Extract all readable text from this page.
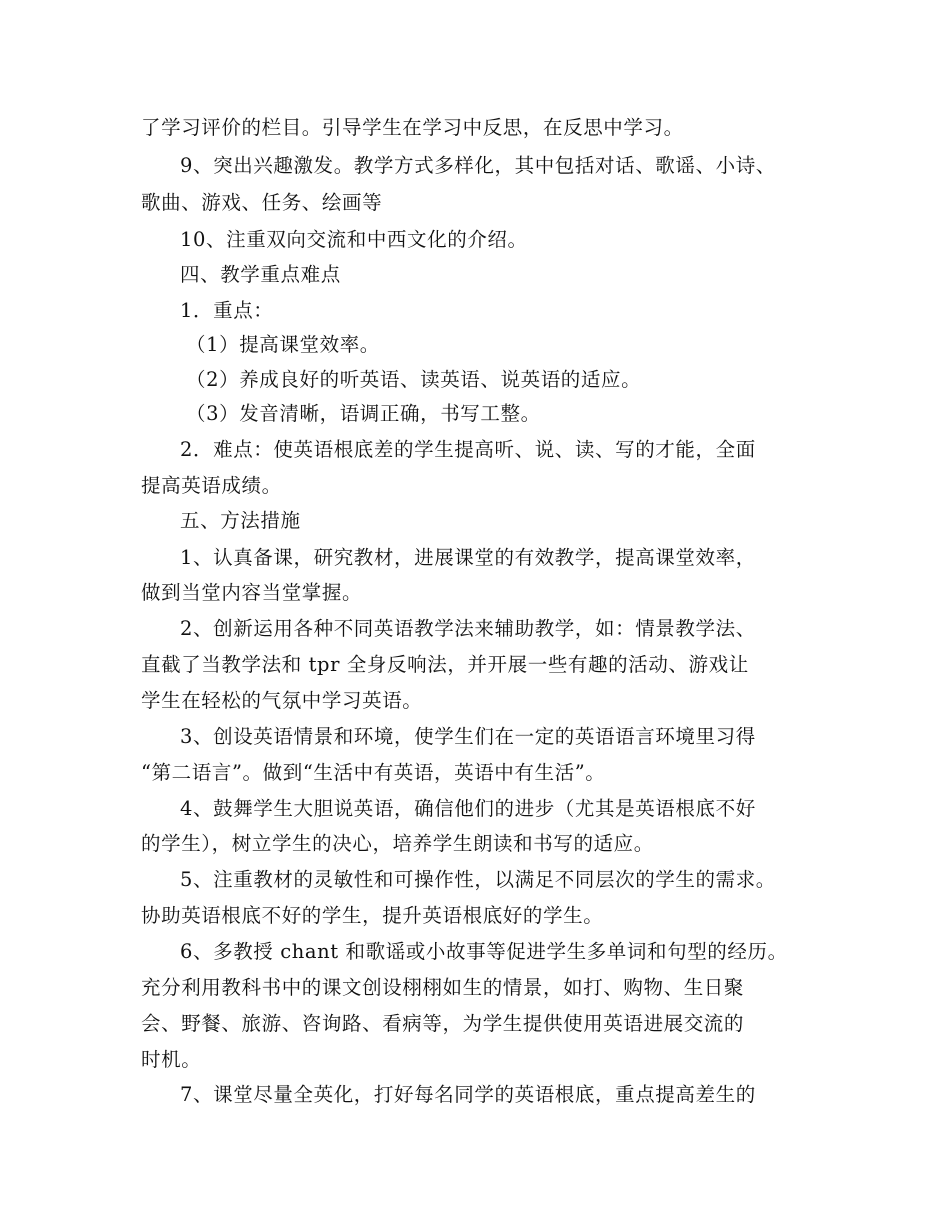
了学习评价的栏目。引导学生在学习中反思，在反思中学习。
9、突出兴趣激发。教学方式多样化，其中包括对话、歌谣、小诗、
歌曲、游戏、任务、绘画等
10、注重双向交流和中西文化的介绍。
四、教学重点难点
1．重点：
（1）提高课堂效率。
（2）养成良好的听英语、读英语、说英语的适应。
（3）发音清晰，语调正确，书写工整。
2．难点：使英语根底差的学生提高听、说、读、写的才能，全面
提高英语成绩。
五、方法措施
1、认真备课，研究教材，进展课堂的有效教学，提高课堂效率，
做到当堂内容当堂掌握。
2、创新运用各种不同英语教学法来辅助教学，如：情景教学法、
直截了当教学法和 tpr 全身反响法，并开展一些有趣的活动、游戏让
学生在轻松的气氛中学习英语。
3、创设英语情景和环境，使学生们在一定的英语语言环境里习得
“第二语言”。做到“生活中有英语，英语中有生活”。
4、鼓舞学生大胆说英语，确信他们的进步（尤其是英语根底不好
的学生），树立学生的决心，培养学生朗读和书写的适应。
5、注重教材的灵敏性和可操作性，以满足不同层次的学生的需求。
协助英语根底不好的学生，提升英语根底好的学生。
6、多教授 chant 和歌谣或小故事等促进学生多单词和句型的经历。
充分利用教科书中的课文创设栩栩如生的情景，如打、购物、生日聚
会、野餐、旅游、咨询路、看病等，为学生提供使用英语进展交流的
时机。
7、课堂尽量全英化，打好每名同学的英语根底，重点提高差生的
